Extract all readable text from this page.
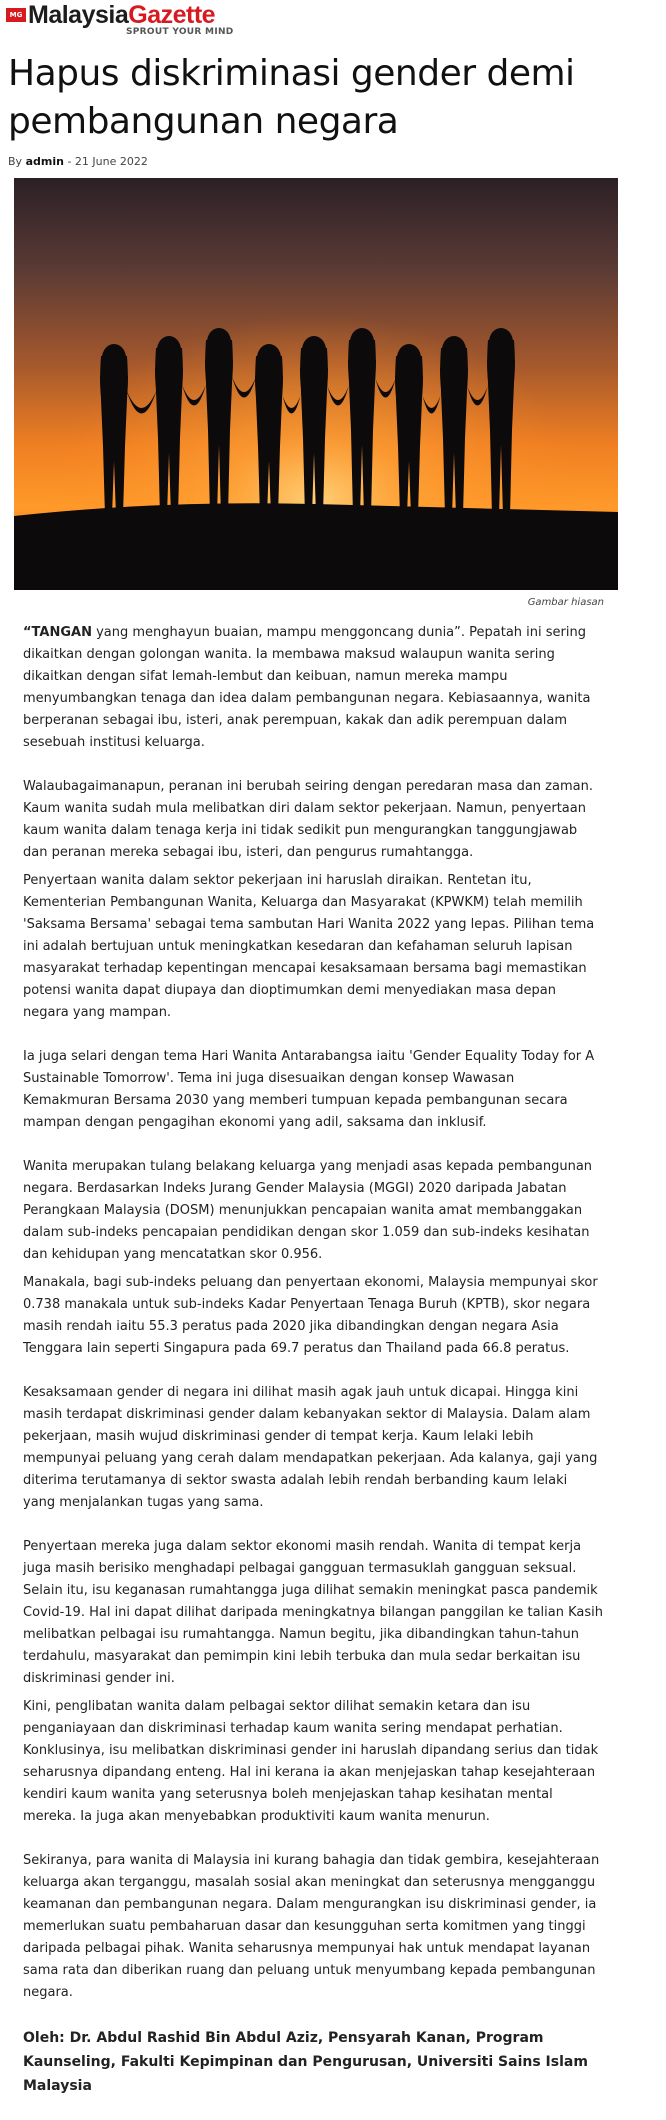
MG MalaysiaGazette
SPROUT YOUR MIND
Hapus diskriminasi gender demi pembangunan negara
By admin - 21 June 2022
Gambar hiasan

“TANGAN yang menghayun buaian, mampu menggoncang dunia”. Pepatah ini sering dikaitkan dengan golongan wanita. Ia membawa maksud walaupun wanita sering dikaitkan dengan sifat lemah-lembut dan keibuan, namun mereka mampu menyumbangkan tenaga dan idea dalam pembangunan negara. Kebiasaannya, wanita berperanan sebagai ibu, isteri, anak perempuan, kakak dan adik perempuan dalam sesebuah institusi keluarga.

Walaubagaimanapun, peranan ini berubah seiring dengan peredaran masa dan zaman. Kaum wanita sudah mula melibatkan diri dalam sektor pekerjaan. Namun, penyertaan kaum wanita dalam tenaga kerja ini tidak sedikit pun mengurangkan tanggungjawab dan peranan mereka sebagai ibu, isteri, dan pengurus rumahtangga.

Penyertaan wanita dalam sektor pekerjaan ini haruslah diraikan. Rentetan itu, Kementerian Pembangunan Wanita, Keluarga dan Masyarakat (KPWKM) telah memilih 'Saksama Bersama' sebagai tema sambutan Hari Wanita 2022 yang lepas. Pilihan tema ini adalah bertujuan untuk meningkatkan kesedaran dan kefahaman seluruh lapisan masyarakat terhadap kepentingan mencapai kesaksamaan bersama bagi memastikan potensi wanita dapat diupaya dan dioptimumkan demi menyediakan masa depan negara yang mampan.

Ia juga selari dengan tema Hari Wanita Antarabangsa iaitu 'Gender Equality Today for A Sustainable Tomorrow'. Tema ini juga disesuaikan dengan konsep Wawasan Kemakmuran Bersama 2030 yang memberi tumpuan kepada pembangunan secara mampan dengan pengagihan ekonomi yang adil, saksama dan inklusif.

Wanita merupakan tulang belakang keluarga yang menjadi asas kepada pembangunan negara. Berdasarkan Indeks Jurang Gender Malaysia (MGGI) 2020 daripada Jabatan Perangkaan Malaysia (DOSM) menunjukkan pencapaian wanita amat membanggakan dalam sub-indeks pencapaian pendidikan dengan skor 1.059 dan sub-indeks kesihatan dan kehidupan yang mencatatkan skor 0.956.

Manakala, bagi sub-indeks peluang dan penyertaan ekonomi, Malaysia mempunyai skor 0.738 manakala untuk sub-indeks Kadar Penyertaan Tenaga Buruh (KPTB), skor negara masih rendah iaitu 55.3 peratus pada 2020 jika dibandingkan dengan negara Asia Tenggara lain seperti Singapura pada 69.7 peratus dan Thailand pada 66.8 peratus.

Kesaksamaan gender di negara ini dilihat masih agak jauh untuk dicapai. Hingga kini masih terdapat diskriminasi gender dalam kebanyakan sektor di Malaysia. Dalam alam pekerjaan, masih wujud diskriminasi gender di tempat kerja. Kaum lelaki lebih mempunyai peluang yang cerah dalam mendapatkan pekerjaan. Ada kalanya, gaji yang diterima terutamanya di sektor swasta adalah lebih rendah berbanding kaum lelaki yang menjalankan tugas yang sama.

Penyertaan mereka juga dalam sektor ekonomi masih rendah. Wanita di tempat kerja juga masih berisiko menghadapi pelbagai gangguan termasuklah gangguan seksual. Selain itu, isu keganasan rumahtangga juga dilihat semakin meningkat pasca pandemik Covid-19. Hal ini dapat dilihat daripada meningkatnya bilangan panggilan ke talian Kasih melibatkan pelbagai isu rumahtangga. Namun begitu, jika dibandingkan tahun-tahun terdahulu, masyarakat dan pemimpin kini lebih terbuka dan mula sedar berkaitan isu diskriminasi gender ini.

Kini, penglibatan wanita dalam pelbagai sektor dilihat semakin ketara dan isu penganiayaan dan diskriminasi terhadap kaum wanita sering mendapat perhatian. Konklusinya, isu melibatkan diskriminasi gender ini haruslah dipandang serius dan tidak seharusnya dipandang enteng. Hal ini kerana ia akan menjejaskan tahap kesejahteraan kendiri kaum wanita yang seterusnya boleh menjejaskan tahap kesihatan mental mereka. Ia juga akan menyebabkan produktiviti kaum wanita menurun.

Sekiranya, para wanita di Malaysia ini kurang bahagia dan tidak gembira, kesejahteraan keluarga akan terganggu, masalah sosial akan meningkat dan seterusnya mengganggu keamanan dan pembangunan negara. Dalam mengurangkan isu diskriminasi gender, ia memerlukan suatu pembaharuan dasar dan kesungguhan serta komitmen yang tinggi daripada pelbagai pihak. Wanita seharusnya mempunyai hak untuk mendapat layanan sama rata dan diberikan ruang dan peluang untuk menyumbang kepada pembangunan negara.

Oleh: Dr. Abdul Rashid Bin Abdul Aziz, Pensyarah Kanan, Program Kaunseling, Fakulti Kepimpinan dan Pengurusan, Universiti Sains Islam Malaysia
